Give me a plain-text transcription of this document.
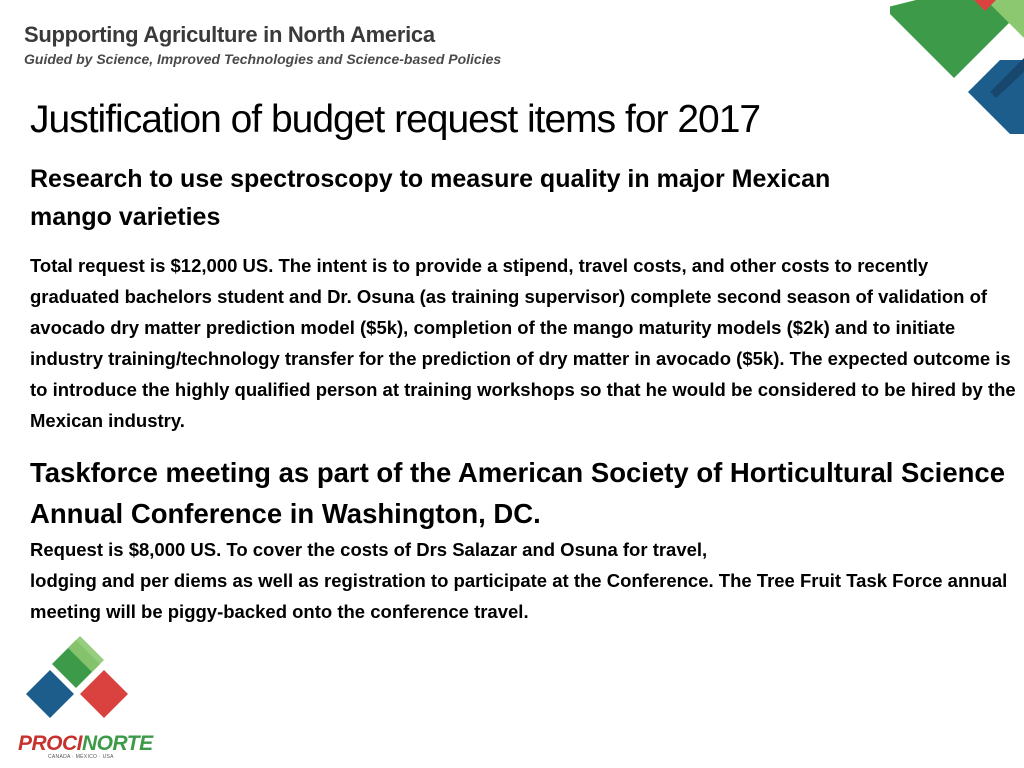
Supporting Agriculture in North America
Guided by Science, Improved Technologies and Science-based Policies
Justification of budget request items for 2017

Research to use spectroscopy to measure quality in major Mexican mango varieties

Total request is $12,000 US. The intent is to provide a stipend, travel costs, and other costs to recently graduated bachelors student and Dr. Osuna (as training supervisor) complete second season of validation of avocado dry matter prediction model ($5k), completion of the mango maturity models ($2k) and to initiate industry training/technology transfer for the prediction of dry matter in avocado ($5k). The expected outcome is to introduce the highly qualified person at training workshops so that he would be considered to be hired by the Mexican industry.

Taskforce meeting as part of the American Society of Horticultural Science Annual Conference in Washington, DC.

Request is $8,000 US. To cover the costs of Drs Salazar and Osuna for travel,
lodging and per diems as well as registration to participate at the Conference. The Tree Fruit Task Force annual meeting will be piggy-backed onto the conference travel.

PROCINORTE
CANADA · MÉXICO · USA
